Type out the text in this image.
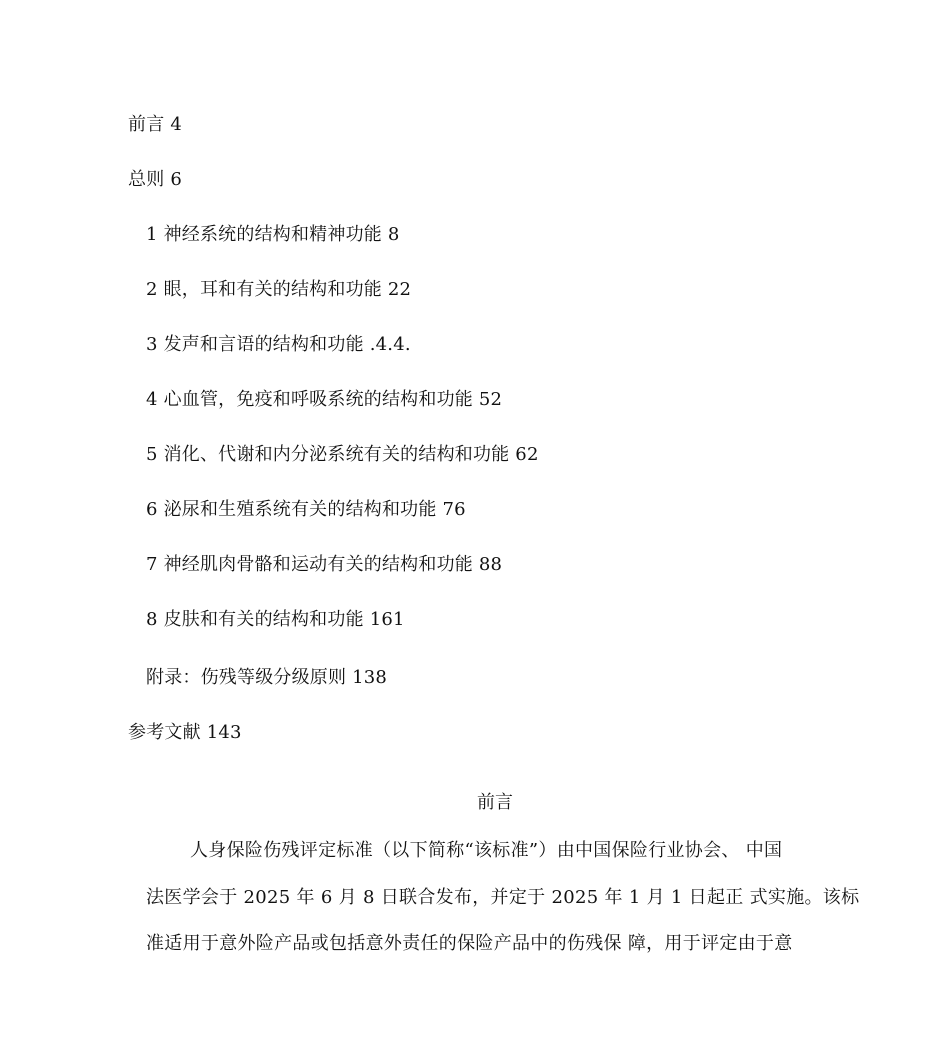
前言 4
总则 6
1 神经系统的结构和精神功能 8
2 眼，耳和有关的结构和功能 22
3 发声和言语的结构和功能 .4.4.
4 心血管，免疫和呼吸系统的结构和功能 52
5 消化、代谢和内分泌系统有关的结构和功能 62
6 泌尿和生殖系统有关的结构和功能 76
7 神经肌肉骨骼和运动有关的结构和功能 88
8 皮肤和有关的结构和功能 161
附录：伤残等级分级原则 138
参考文献 143
前言
人身保险伤残评定标准（以下简称“该标准”）由中国保险行业协会、 中国
法医学会于 2025 年 6 月 8 日联合发布，并定于 2025 年 1 月 1 日起正 式实施。该标
准适用于意外险产品或包括意外责任的保险产品中的伤残保 障，用于评定由于意
